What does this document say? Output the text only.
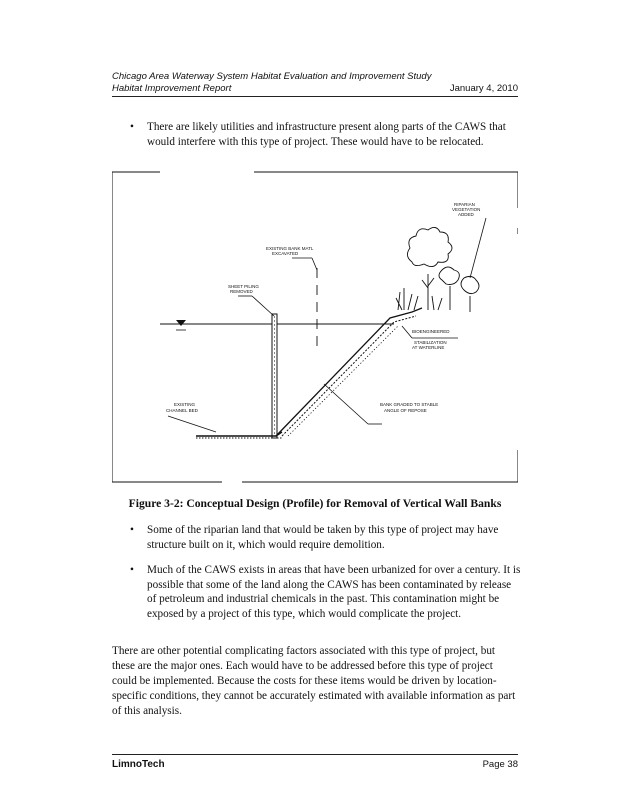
Chicago Area Waterway System Habitat Evaluation and Improvement Study
Habitat Improvement Report	January 4, 2010
• There are likely utilities and infrastructure present along parts of the CAWS that would interfere with this type of project. These would have to be relocated.
RIPARIAN
VEGETATION
ADDED
EXISTING BANK MATL
EXCAVATED
SHEET PILING
REMOVED
BIOENGINEERED
STABILIZATION
AT WATERLINE
EXISTING
CHANNEL BED
BANK GRADED TO STABLE
ANGLE OF REPOSE
Figure 3-2: Conceptual Design (Profile) for Removal of Vertical Wall Banks
• Some of the riparian land that would be taken by this type of project may have structure built on it, which would require demolition.
• Much of the CAWS exists in areas that have been urbanized for over a century. It is possible that some of the land along the CAWS has been contaminated by release of petroleum and industrial chemicals in the past. This contamination might be exposed by a project of this type, which would complicate the project.
There are other potential complicating factors associated with this type of project, but these are the major ones. Each would have to be addressed before this type of project could be implemented. Because the costs for these items would be driven by location-specific conditions, they cannot be accurately estimated with available information as part of this analysis.
LimnoTech	Page 38
